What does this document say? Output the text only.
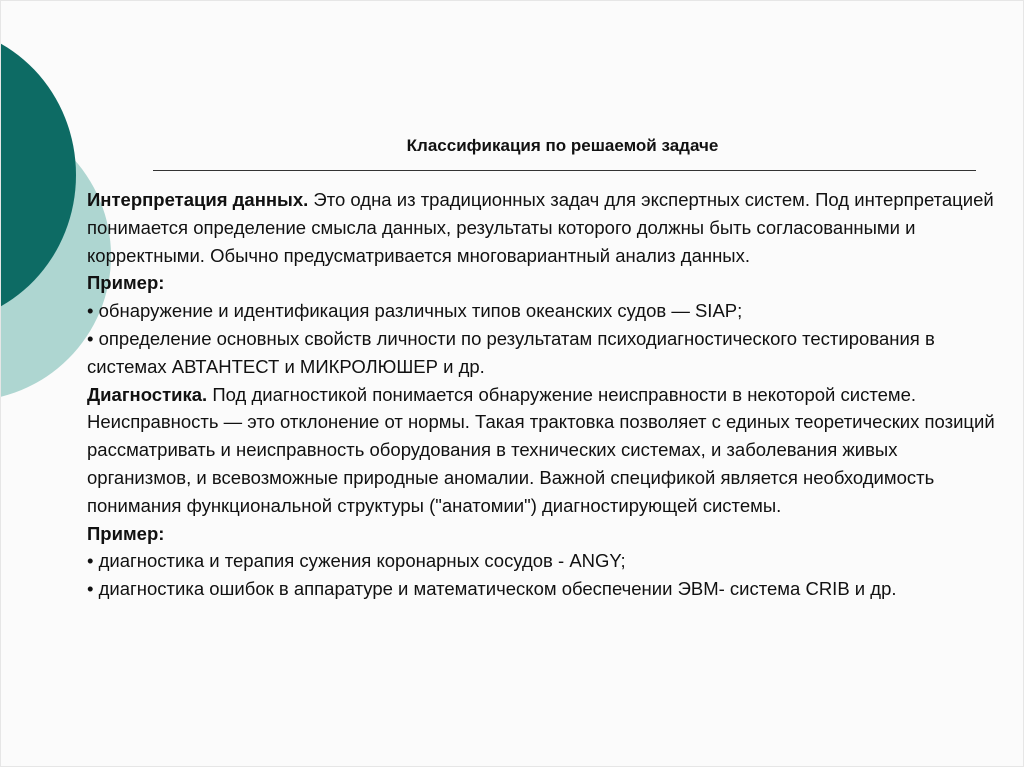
Классификация по решаемой задаче

Интерпретация данных. Это одна из традиционных задач для экспертных систем. Под интерпретацией понимается определение смысла данных, результаты которого должны быть согласованными и корректными. Обычно предусматривается многовариантный анализ данных.

Пример:

• обнаружение и идентификация различных типов океанских судов — SIAP;

• определение основных свойств личности по результатам психодиагностического тестирования в системах АВТАНТЕСТ и МИКРОЛЮШЕР и др.

Диагностика. Под диагностикой понимается обнаружение неисправности в некоторой системе. Неисправность — это отклонение от нормы. Такая трактовка позволяет с единых теоретических позиций рассматривать и неисправность оборудования в технических системах, и заболевания живых организмов, и всевозможные природные аномалии. Важной спецификой является необходимость понимания функциональной структуры ("анатомии") диагностирующей системы.

Пример:

• диагностика и терапия сужения коронарных сосудов - ANGY;

• диагностика ошибок в аппаратуре и математическом обеспечении ЭВМ- система CRIB и др.
